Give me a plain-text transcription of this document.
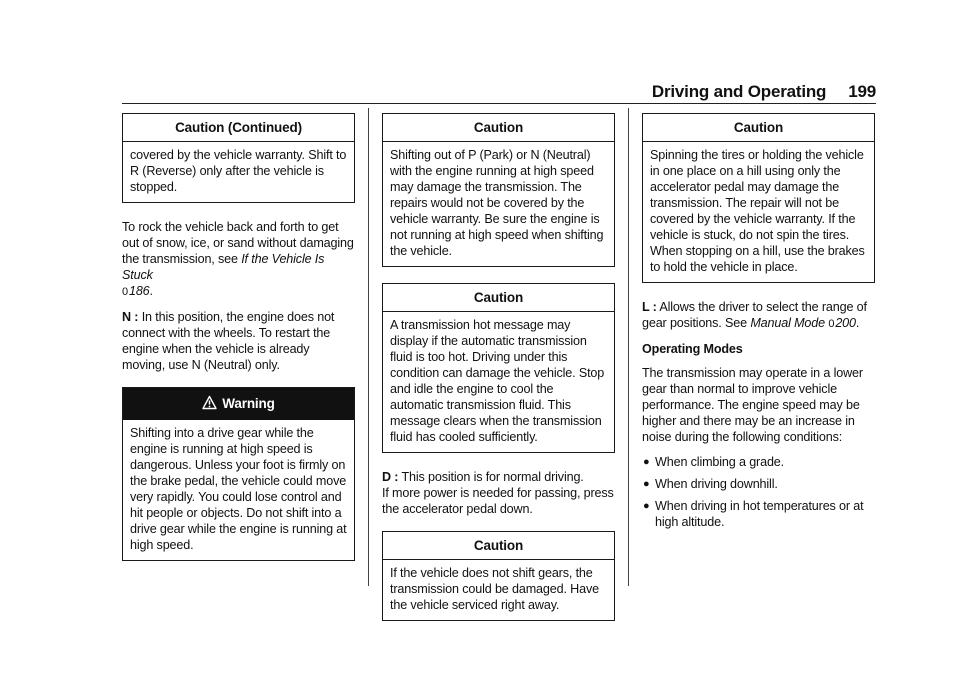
Driving and Operating 199
Caution (Continued)
covered by the vehicle warranty. Shift to R (Reverse) only after the vehicle is stopped.

To rock the vehicle back and forth to get out of snow, ice, or sand without damaging the transmission, see If the Vehicle Is Stuck
0186.

N : In this position, the engine does not connect with the wheels. To restart the engine when the vehicle is already moving, use N (Neutral) only.

Warning
Shifting into a drive gear while the engine is running at high speed is dangerous. Unless your foot is firmly on the brake pedal, the vehicle could move very rapidly. You could lose control and hit people or objects. Do not shift into a drive gear while the engine is running at high speed.
Caution
Shifting out of P (Park) or N (Neutral) with the engine running at high speed may damage the transmission. The repairs would not be covered by the vehicle warranty. Be sure the engine is not running at high speed when shifting the vehicle.
Caution
A transmission hot message may display if the automatic transmission fluid is too hot. Driving under this condition can damage the vehicle. Stop and idle the engine to cool the automatic transmission fluid. This message clears when the transmission fluid has cooled sufficiently.

D : This position is for normal driving.
If more power is needed for passing, press the accelerator pedal down.

Caution
If the vehicle does not shift gears, the transmission could be damaged. Have the vehicle serviced right away.
Caution
Spinning the tires or holding the vehicle in one place on a hill using only the accelerator pedal may damage the transmission. The repair will not be covered by the vehicle warranty. If the vehicle is stuck, do not spin the tires. When stopping on a hill, use the brakes to hold the vehicle in place.

L : Allows the driver to select the range of gear positions. See Manual Mode 0200.

Operating Modes

The transmission may operate in a lower gear than normal to improve vehicle performance. The engine speed may be higher and there may be an increase in noise during the following conditions:

● When climbing a grade.
● When driving downhill.
● When driving in hot temperatures or at high altitude.
